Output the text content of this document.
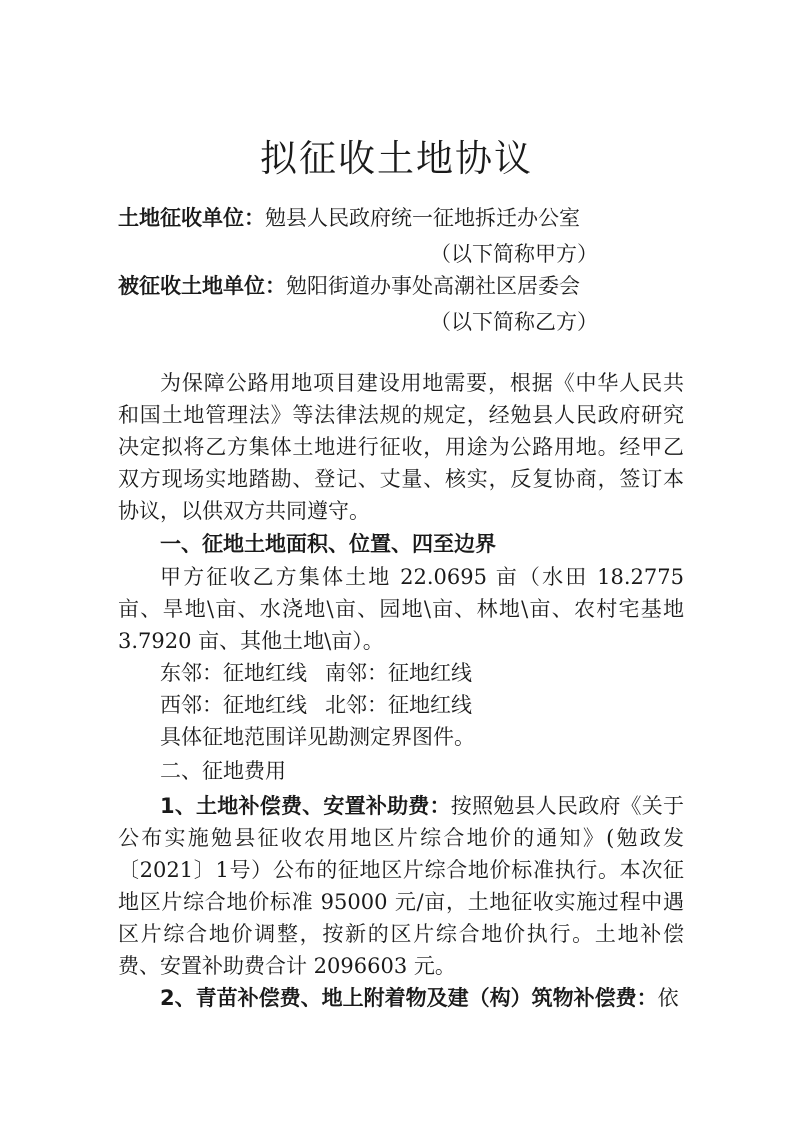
拟征收土地协议
土地征收单位：勉县人民政府统一征地拆迁办公室
（以下简称甲方）
被征收土地单位：勉阳街道办事处高潮社区居委会
（以下简称乙方）

为保障公路用地项目建设用地需要，根据《中华人民共和国土地管理法》等法律法规的规定，经勉县人民政府研究决定拟将乙方集体土地进行征收，用途为公路用地。经甲乙双方现场实地踏勘、登记、丈量、核实，反复协商，签订本协议，以供双方共同遵守。

一、征地土地面积、位置、四至边界

甲方征收乙方集体土地 22.0695 亩（水田 18.2775 亩、旱地\亩、水浇地\亩、园地\亩、林地\亩、农村宅基地 3.7920 亩、其他土地\亩）。

东邻：征地红线 南邻：征地红线
西邻：征地红线 北邻：征地红线
具体征地范围详见勘测定界图件。
二、征地费用

1、土地补偿费、安置补助费：按照勉县人民政府《关于公布实施勉县征收农用地区片综合地价的通知》(勉政发〔2021〕1号）公布的征地区片综合地价标准执行。本次征地区片综合地价标准 95000 元/亩，土地征收实施过程中遇区片综合地价调整，按新的区片综合地价执行。土地补偿费、安置补助费合计 2096603 元。

2、青苗补偿费、地上附着物及建（构）筑物补偿费：依
